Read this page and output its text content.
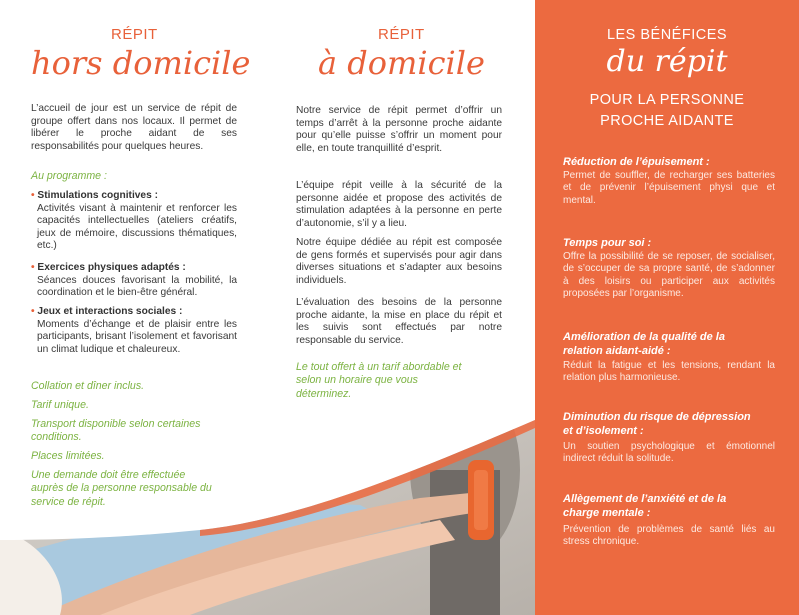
RÉPIT
hors domicile

L’accueil de jour est un service de répit de groupe offert dans nos locaux. Il permet de libérer le proche aidant de ses responsabilités pour quelques heures.

Au programme :

• Stimulations cognitives :
Activités visant à maintenir et renforcer les capacités intellectuelles (ateliers créatifs, jeux de mémoire, discussions thématiques, etc.)
• Exercices physiques adaptés :
Séances douces favorisant la mobilité, la coordination et le bien-être général.
• Jeux et interactions sociales :
Moments d’échange et de plaisir entre les participants, brisant l’isolement et favorisant un climat ludique et chaleureux.

Collation et dîner inclus.

Tarif unique.

Transport disponible selon certaines conditions.

Places limitées.

Une demande doit être effectuée auprès de la personne responsable du service de répit.

RÉPIT
à domicile

Notre service de répit permet d’offrir un temps d’arrêt à la personne proche aidante pour qu’elle puisse s’offrir un moment pour elle, en toute tranquillité d’esprit.

L’équipe répit veille à la sécurité de la personne aidée et propose des activités de stimulation adaptées à la personne en perte d’autonomie, s’il y a lieu.

Notre équipe dédiée au répit est composée de gens formés et supervisés pour agir dans diverses situations et s’adapter aux besoins individuels.

L’évaluation des besoins de la personne proche aidante, la mise en place du répit et les suivis sont effectués par notre responsable du service.

Le tout offert à un tarif abordable et selon un horaire que vous déterminez.

LES BÉNÉFICES
du répit
POUR LA PERSONNE
PROCHE AIDANTE
Réduction de l’épuisement :

Permet de souffler, de recharger ses batteries et de prévenir l’épuisement physi que et mental.

Temps pour soi :

Offre la possibilité de se reposer, de socialiser, de s’occuper de sa propre santé, de s’adonner à des loisirs ou participer aux activités proposées par l’organisme.

Amélioration de la qualité de la relation aidant-aidé :

Réduit la fatigue et les tensions, rendant la relation plus harmonieuse.

Diminution du risque de dépression et d’isolement :

Un soutien psychologique et émotionnel indirect réduit la solitude.

Allègement de l’anxiété et de la charge mentale :

Prévention de problèmes de santé liés au stress chronique.
